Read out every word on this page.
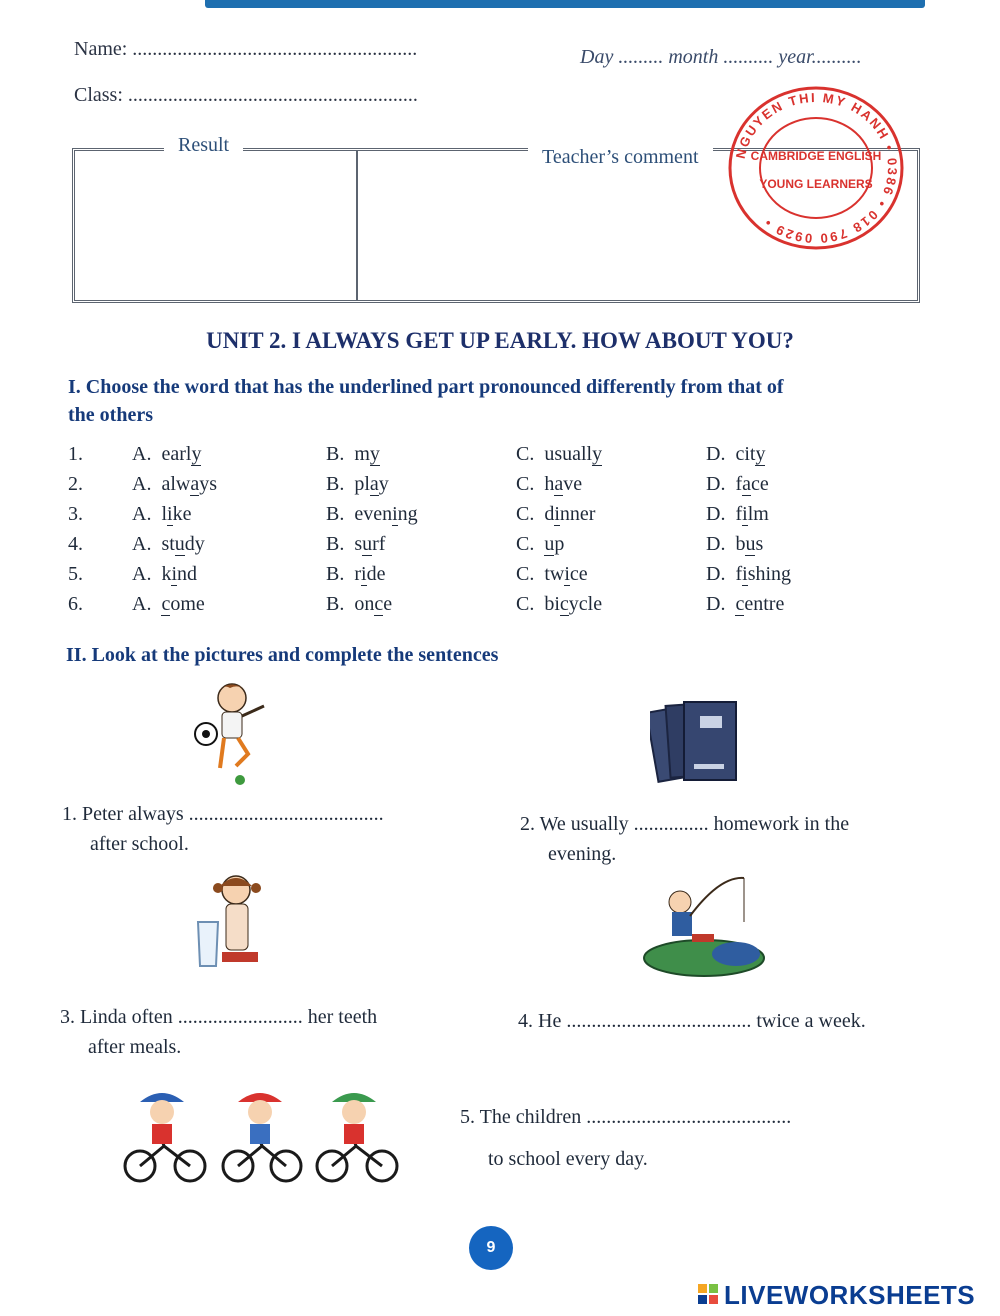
Name: .........................................................	Day ......... month .......... year..........
Class: ..........................................................
Result
Teacher’s comment	NGUYEN THI MY HANH • 0386 • 018 790 0929 •
CAMBRIDGE ENGLISH
YOUNG LEARNERS
UNIT 2. I ALWAYS GET UP EARLY. HOW ABOUT YOU?
I. Choose the word that has the underlined part pronounced differently from that of
the others
1. A. early	B. my	C. usually	D. city
2. A. always	B. play	C. have	D. face
3. A. like	B. evening	C. dinner	D. film
4. A. study	B. surf	C. up	D. bus
5. A. kind	B. ride	C. twice	D. fishing
6. A. come	B. once	C. bicycle	D. centre
II. Look at the pictures and complete the sentences
1. Peter always .......................................
after school.
2. We usually ............... homework in the
evening.
3. Linda often ......................... her teeth
after meals.
4. He ..................................... twice a week.
5. The children .........................................
to school every day.
9
LIVEWORKSHEETS
